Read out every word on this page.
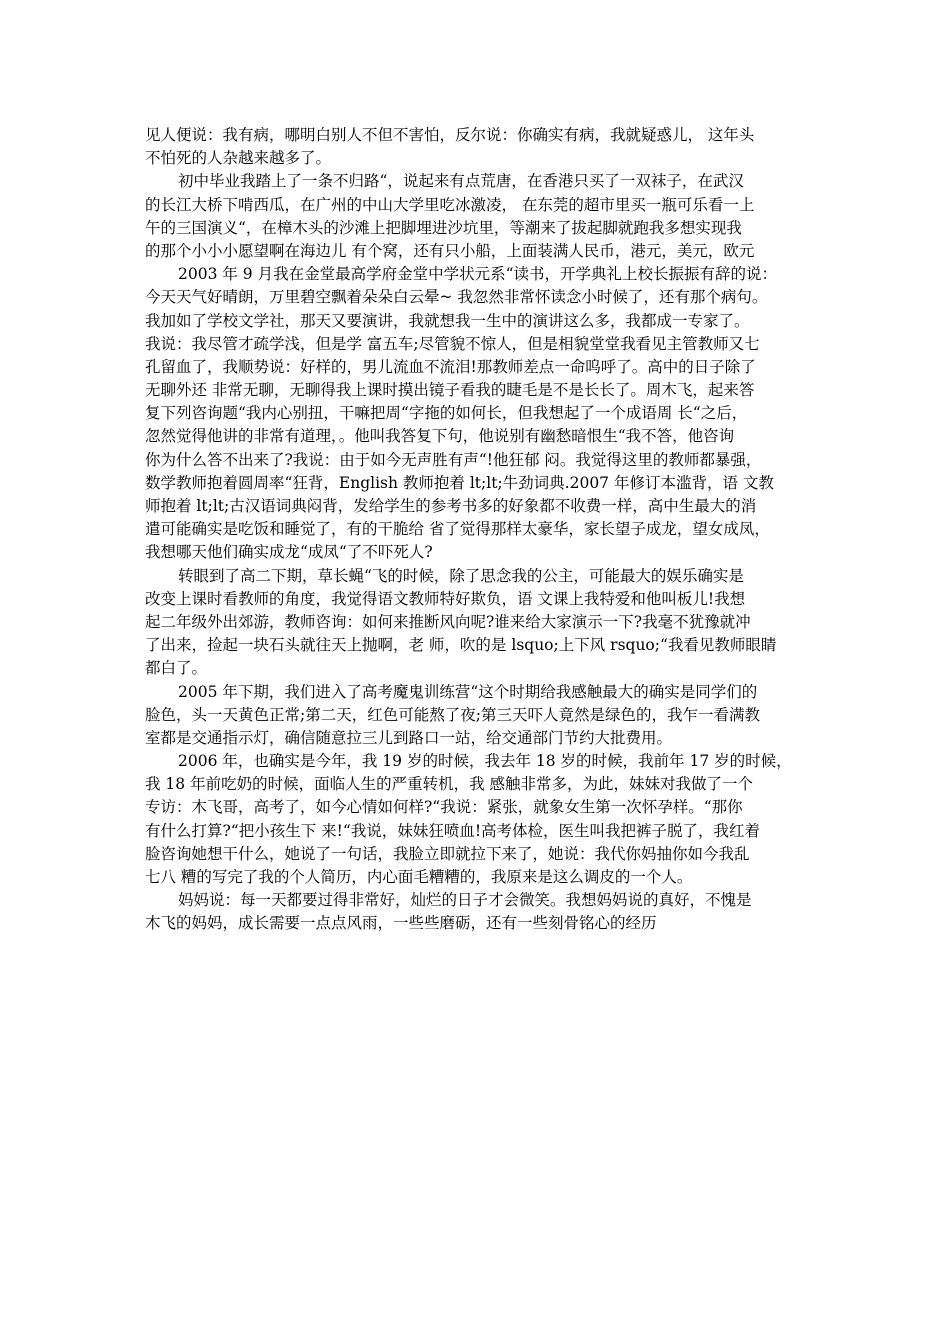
见人便说：我有病，哪明白别人不但不害怕，反尔说：你确实有病，我就疑惑儿， 这年头
不怕死的人杂越来越多了。
初中毕业我踏上了一条不归路“，说起来有点荒唐，在香港只买了一双袜子，在武汉
的长江大桥下啃西瓜，在广州的中山大学里吃冰激凌， 在东莞的超市里买一瓶可乐看一上
午的三国演义“，在樟木头的沙滩上把脚埋进沙坑里，等潮来了拔起脚就跑我多想实现我
的那个小小小愿望啊在海边儿 有个窝，还有只小船，上面装满人民币，港元，美元，欧元
2003 年 9 月我在金堂最高学府金堂中学状元系“读书，开学典礼上校长振振有辞的说：
今天天气好晴朗，万里碧空飘着朵朵白云晕~ 我忽然非常怀读念小时候了，还有那个病句。
我加如了学校文学社，那天又要演讲，我就想我一生中的演讲这么多，我都成一专家了。
我说：我尽管才疏学浅，但是学 富五车;尽管貌不惊人，但是相貌堂堂我看见主管教师又七
孔留血了，我顺势说：好样的，男儿流血不流泪!那教师差点一命呜呼了。高中的日子除了
无聊外还 非常无聊，无聊得我上课时摸出镜子看我的睫毛是不是长长了。周木飞，起来答
复下列咨询题“我内心别扭，干嘛把周“字拖的如何长，但我想起了一个成语周 长“之后，
忽然觉得他讲的非常有道理，。他叫我答复下句，他说别有幽愁暗恨生“我不答，他咨询
你为什么答不出来了?我说：由于如今无声胜有声“!他狂郁 闷。我觉得这里的教师都暴强，
数学教师抱着圆周率“狂背，English 教师抱着 lt;lt;牛劲词典.2007 年修订本滥背，语 文教
师抱着 lt;lt;古汉语词典闷背，发给学生的参考书多的好象都不收费一样，高中生最大的消
遣可能确实是吃饭和睡觉了，有的干脆给 省了觉得那样太豪华，家长望子成龙，望女成凤，
我想哪天他们确实成龙“成凤“了不吓死人?
转眼到了高二下期，草长蝇“飞的时候，除了思念我的公主，可能最大的娱乐确实是
改变上课时看教师的角度，我觉得语文教师特好欺负，语 文课上我特爱和他叫板儿!我想
起二年级外出郊游，教师咨询：如何来推断风向呢?谁来给大家演示一下?我毫不犹豫就冲
了出来，捡起一块石头就往天上抛啊，老 师，吹的是 lsquo;上下风 rsquo;“我看见教师眼睛
都白了。
2005 年下期，我们进入了高考魔鬼训练营“这个时期给我感触最大的确实是同学们的
脸色，头一天黄色正常;第二天，红色可能熬了夜;第三天吓人竟然是绿色的，我乍一看满教
室都是交通指示灯，确信随意拉三儿到路口一站，给交通部门节约大批费用。
2006 年，也确实是今年，我 19 岁的时候，我去年 18 岁的时候，我前年 17 岁的时候，
我 18 年前吃奶的时候，面临人生的严重转机，我 感触非常多，为此，妹妹对我做了一个
专访：木飞哥，高考了，如今心情如何样?“我说：紧张，就象女生第一次怀孕样。“那你
有什么打算?“把小孩生下 来!“我说，妹妹狂喷血!高考体检，医生叫我把裤子脱了，我红着
脸咨询她想干什么，她说了一句话，我脸立即就拉下来了，她说：我代你妈抽你如今我乱
七八 糟的写完了我的个人简历，内心面毛糟糟的，我原来是这么调皮的一个人。
妈妈说：每一天都要过得非常好，灿烂的日子才会微笑。我想妈妈说的真好，不愧是
木飞的妈妈，成长需要一点点风雨，一些些磨砺，还有一些刻骨铭心的经历
